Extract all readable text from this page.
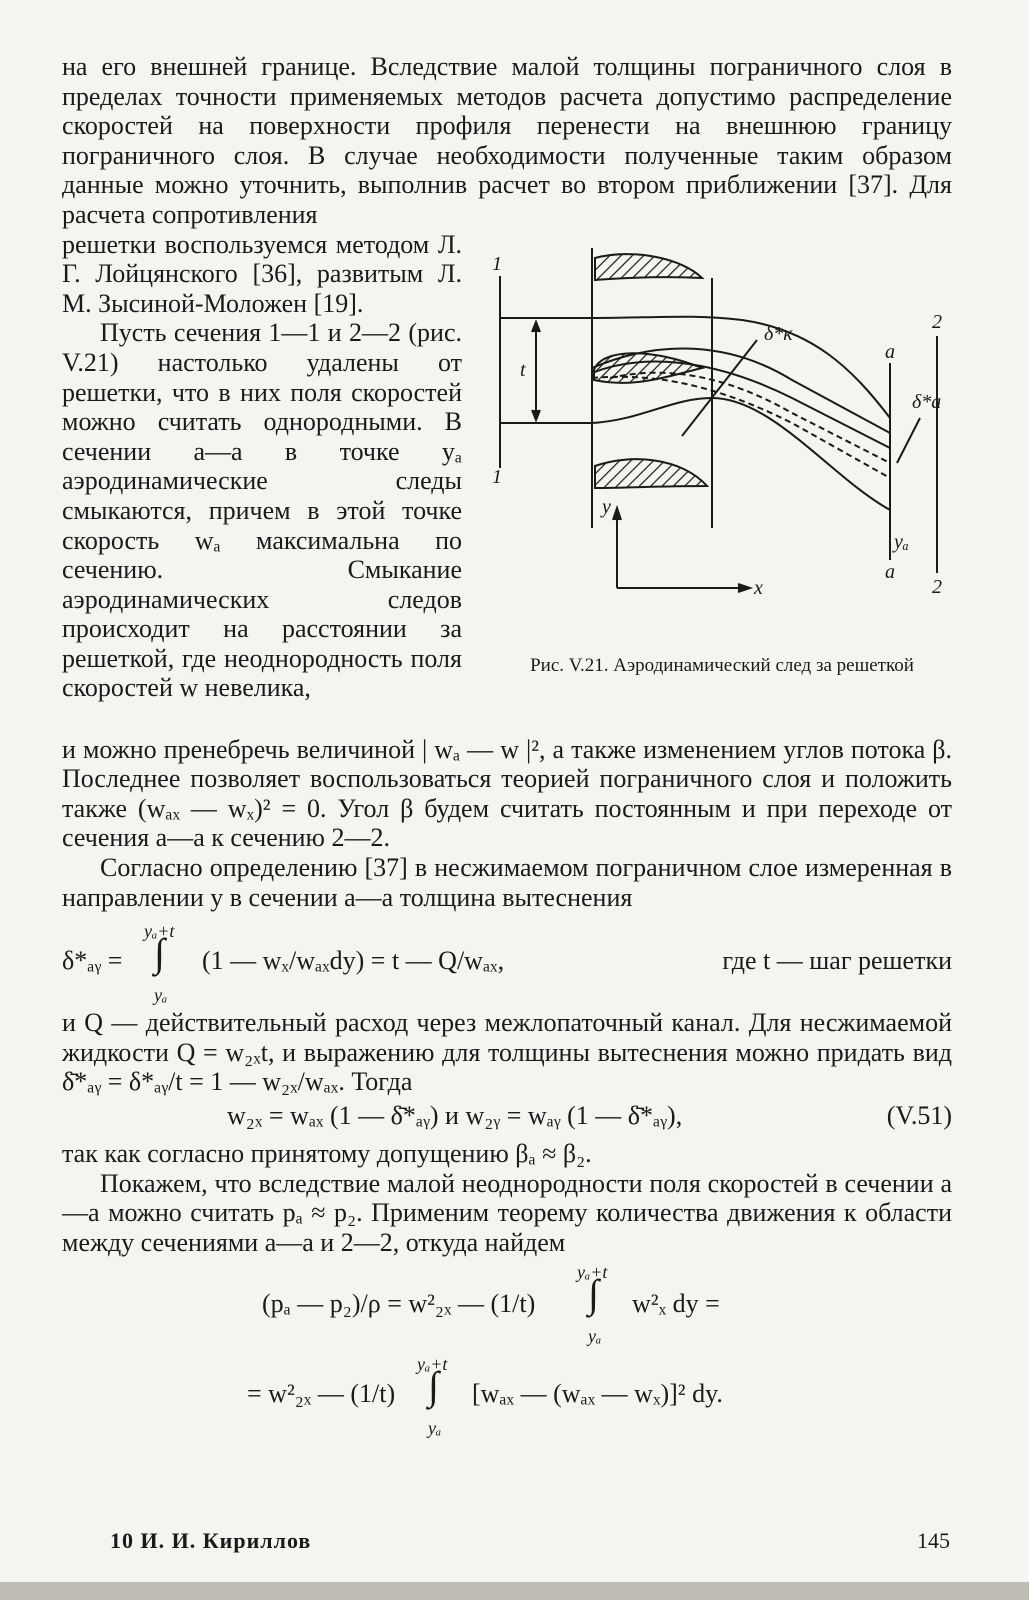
на его внешней границе. Вследствие малой толщины пограничного слоя в пределах точности применяемых методов расчета допустимо распределение скоростей на поверхности профиля перенести на внешнюю границу пограничного слоя. В случае необходимости полученные таким образом данные можно уточнить, выполнив расчет во втором приближении [37]. Для расчета сопротивления

решетки воспользуемся методом Л. Г. Лойцянского [36], развитым Л. М. Зысиной-Моложен [19].

Пусть сечения 1—1 и 2—2 (рис. V.21) настолько удалены от решетки, что в них поля скоростей можно считать однородными. В сечении a—a в точке yₐ аэродинамические следы смыкаются, причем в этой точке скорость wₐ максимальна по сечению. Смыкание аэродинамических следов происходит на расстоянии за решеткой, где неоднородность поля скоростей w невелика,

1
1
2
2
a
a
yₐ
y
x
t
δ*к
δ*a
Рис. V.21. Аэродинамический след за решеткой

и можно пренебречь величиной | wₐ — w |², а также изменением углов потока β. Последнее позволяет воспользоваться теорией пограничного слоя и положить также (wₐₓ — wₓ)² = 0. Угол β будем считать постоянным и при переходе от сечения a—a к сечению 2—2.

Согласно определению [37] в несжимаемом пограничном слое измеренная в направлении y в сечении a—a толщина вытеснения

δ*ₐᵧ =
yₐ+t
∫
yₐ
(1 — wₓ/wₐₓdy) = t — Q/wₐₓ,	где t — шаг решетки

и Q — действительный расход через межлопаточный канал. Для несжимаемой жидкости Q = w₂ₓt, и выражению для толщины вытеснения можно придать вид δ̄*ₐᵧ = δ*ₐᵧ/t = 1 — w₂ₓ/wₐₓ. Тогда

w₂ₓ = wₐₓ (1 — δ̄*ₐᵧ) и w₂ᵧ = wₐᵧ (1 — δ̄*ₐᵧ),	(V.51)

так как согласно принятому допущению βₐ ≈ β₂.

Покажем, что вследствие малой неоднородности поля скоростей в сечении a—a можно считать pₐ ≈ p₂. Применим теорему количества движения к области между сечениями a—a и 2—2, откуда найдем

(pₐ — p₂)/ρ = w²₂ₓ — (1/t)
yₐ+t
∫
yₐ
w²ₓ dy =
= w²₂ₓ — (1/t)
yₐ+t
∫
yₐ
[wₐₓ — (wₐₓ — wₓ)]² dy.
10 И. И. Кириллов	145
